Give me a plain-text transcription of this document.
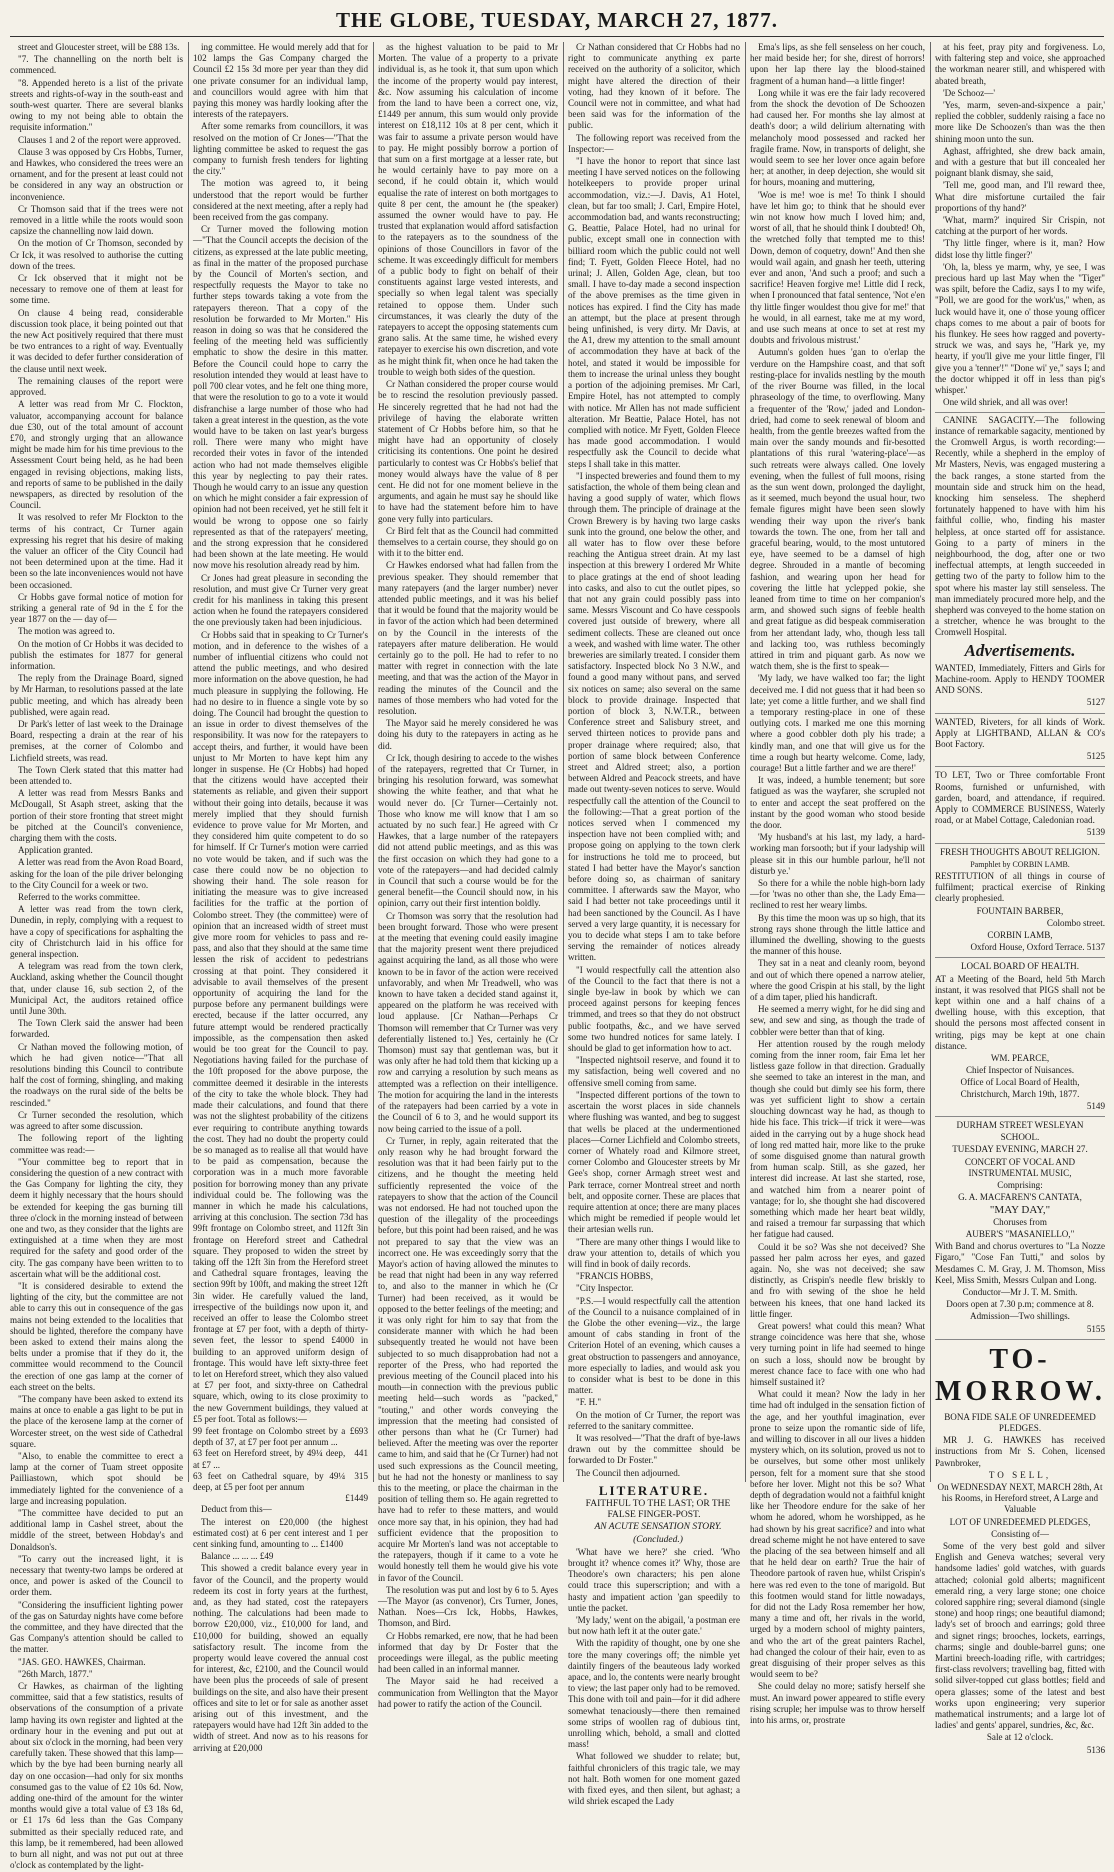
THE GLOBE, TUESDAY, MARCH 27, 1877.

street and Gloucester street, will be £88 13s.

"7. The channelling on the north belt is commenced.

"8. Appended hereto is a list of the private streets and rights-of-way in the south-east and south-west quarter. There are several blanks owing to my not being able to obtain the requisite information."

Clauses 1 and 2 of the report were approved.

Clause 3 was opposed by Crs Hobbs, Turner, and Hawkes, who considered the trees were an ornament, and for the present at least could not be considered in any way an obstruction or inconvenience.

Cr Thomson said that if the trees were not removed in a little while the roots would soon capsize the channelling now laid down.

On the motion of Cr Thomson, seconded by Cr Ick, it was resolved to authorise the cutting down of the trees.

Cr Ick observed that it might not be necessary to remove one of them at least for some time.

On clause 4 being read, considerable discussion took place, it being pointed out that the new Act positively required that there must be two entrances to a right of way. Eventually it was decided to defer further consideration of the clause until next week.

The remaining clauses of the report were approved.

A letter was read from Mr C. Flockton, valuator, accompanying account for balance due £30, out of the total amount of account £70, and strongly urging that an allowance might be made him for his time previous to the Assessment Court being held, as he had been engaged in revising objections, making lists, and reports of same to be published in the daily newspapers, as directed by resolution of the Council.

It was resolved to refer Mr Flockton to the terms of his contract, Cr Turner again expressing his regret that his desire of making the valuer an officer of the City Council had not been determined upon at the time. Had it been so the late inconveniences would not have been occasioned.

Cr Hobbs gave formal notice of motion for striking a general rate of 9d in the £ for the year 1877 on the — day of—

The motion was agreed to.

On the motion of Cr Hobbs it was decided to publish the estimates for 1877 for general information.

The reply from the Drainage Board, signed by Mr Harman, to resolutions passed at the late public meeting, and which has already been published, were again read.

Dr Park's letter of last week to the Drainage Board, respecting a drain at the rear of his premises, at the corner of Colombo and Lichfield streets, was read.

The Town Clerk stated that this matter had been attended to.

A letter was read from Messrs Banks and McDougall, St Asaph street, asking that the portion of their store fronting that street might be pitched at the Council's convenience, charging them with the costs.

Application granted.

A letter was read from the Avon Road Board, asking for the loan of the pile driver belonging to the City Council for a week or two.

Referred to the works committee.

A letter was read from the town clerk, Dunedin, in reply, complying with a request to have a copy of specifications for asphalting the city of Christchurch laid in his office for general inspection.

A telegram was read from the town clerk, Auckland, asking whether the Council thought that, under clause 16, sub section 2, of the Municipal Act, the auditors retained office until June 30th.

The Town Clerk said the answer had been forwarded.

Cr Nathan moved the following motion, of which he had given notice—"That all resolutions binding this Council to contribute half the cost of forming, shingling, and making the roadways on the rural side of the belts be rescinded."

Cr Turner seconded the resolution, which was agreed to after some discussion.

The following report of the lighting committee was read:—

"Your committee beg to report that in considering the question of a new contract with the Gas Company for lighting the city, they deem it highly necessary that the hours should be extended for keeping the gas burning till three o'clock in the morning instead of between one and two, as they consider that the lights are extinguished at a time when they are most required for the safety and good order of the city. The gas company have been written to to ascertain what will be the additional cost.

"It is considered desirable to extend the lighting of the city, but the committee are not able to carry this out in consequence of the gas mains not being extended to the localities that should be lighted, therefore the company have been asked to extend their mains along the belts under a promise that if they do it, the committee would recommend to the Council the erection of one gas lamp at the corner of each street on the belts.

"The company have been asked to extend its mains at once to enable a gas light to be put in the place of the kerosene lamp at the corner of Worcester street, on the west side of Cathedral square.

"Also, to enable the committee to erect a lamp at the corner of Tuam street opposite Pailliastown, which spot should be immediately lighted for the convenience of a large and increasing population.

"The committee have decided to put an additional lamp in Cashel street, about the middle of the street, between Hobday's and Donaldson's.

"To carry out the increased light, it is necessary that twenty-two lamps be ordered at once, and power is asked of the Council to order them.

"Considering the insufficient lighting power of the gas on Saturday nights have come before the committee, and they have directed that the Gas Company's attention should be called to the matter.

"JAS. GEO. HAWKES, Chairman.

"26th March, 1877."

Cr Hawkes, as chairman of the lighting committee, said that a few statistics, results of observations of the consumption of a private lamp having its own register and lighted at the ordinary hour in the evening and put out at about six o'clock in the morning, had been very carefully taken. These showed that this lamp—which by the bye had been burning nearly all day on one occasion—had only for six months consumed gas to the value of £2 10s 6d. Now, adding one-third of the amount for the winter months would give a total value of £3 18s 6d, or £1 17s 6d less than the Gas Company submitted as their specially reduced rate, and this lamp, be it remembered, had been allowed to burn all night, and was not put out at three o'clock as contemplated by the light-

ing committee. He would merely add that for 102 lamps the Gas Company charged the Council £2 15s 3d more per year than they did one private consumer for an individual lamp, and councillors would agree with him that paying this money was hardly looking after the interests of the ratepayers.

After some remarks from councillors, it was resolved on the motion of Cr Jones—"That the lighting committee be asked to request the gas company to furnish fresh tenders for lighting the city."

The motion was agreed to, it being understood that the report would be further considered at the next meeting, after a reply had been received from the gas company.

Cr Turner moved the following motion—"That the Council accepts the decision of the citizens, as expressed at the late public meeting, as final in the matter of the proposed purchase by the Council of Morten's section, and respectfully requests the Mayor to take no further steps towards taking a vote from the ratepayers thereon. That a copy of the resolution be forwarded to Mr Morten." His reason in doing so was that he considered the feeling of the meeting held was sufficiently emphatic to show the desire in this matter. Before the Council could hope to carry the resolution intended they would at least have to poll 700 clear votes, and he felt one thing more, that were the resolution to go to a vote it would disfranchise a large number of those who had taken a great interest in the question, as the vote would have to be taken on last year's burgess roll. There were many who might have recorded their votes in favor of the intended action who had not made themselves eligible this year by neglecting to pay their rates. Though he would carry to an issue any question on which he might consider a fair expression of opinion had not been received, yet he still felt it would be wrong to oppose one so fairly represented as that of the ratepayers' meeting, and the strong expression that he considered had been shown at the late meeting. He would now move his resolution already read by him.

Cr Jones had great pleasure in seconding the resolution, and must give Cr Turner very great credit for his manliness in taking this present action when he found the ratepayers considered the one previously taken had been injudicious.

Cr Hobbs said that in speaking to Cr Turner's motion, and in deference to the wishes of a number of influential citizens who could not attend the public meetings, and who desired more information on the above question, he had much pleasure in supplying the following. He had no desire to in fluence a single vote by so doing. The Council had brought the question to an issue in order to divest themselves of the responsibility. It was now for the ratepayers to accept theirs, and further, it would have been unjust to Mr Morten to have kept him any longer in suspense. He (Cr Hobbs) had hoped that the citizens would have accepted their statements as reliable, and given their support without their going into details, because it was merely implied that they should furnish evidence to prove value for Mr Morten, and they considered him quite competent to do so for himself. If Cr Turner's motion were carried no vote would be taken, and if such was the case there could now be no objection to showing their hand. The sole reason for initiating the measure was to give increased facilities for the traffic at the portion of Colombo street. They (the committee) were of opinion that an increased width of street must give more room for vehicles to pass and re-pass, and also that they should at the same time lessen the risk of accident to pedestrians crossing at that point. They considered it advisable to avail themselves of the present opportunity of acquiring the land for the purpose before any permanent buildings were erected, because if the latter occurred, any future attempt would be rendered practically impossible, as the compensation then asked would be too great for the Council to pay. Negotiations having failed for the purchase of the 10ft proposed for the above purpose, the committee deemed it desirable in the interests of the city to take the whole block. They had made their calculations, and found that there was not the slightest probability of the citizens ever requiring to contribute anything towards the cost. They had no doubt the property could be so managed as to realise all that would have to be paid as compensation, because the corporation was in a much more favorable position for borrowing money than any private individual could be. The following was the manner in which he made his calculations, arriving at this conclusion. The section 73d has 99ft frontage on Colombo street, and 112ft 3in frontage on Hereford street and Cathedral square. They proposed to widen the street by taking off the 12ft 3in from the Hereford street and Cathedral square frontages, leaving the section 99ft by 100ft, and making the street 12ft 3in wider. He carefully valued the land, irrespective of the buildings now upon it, and received an offer to lease the Colombo street frontage at £7 per foot, with a depth of thirty-seven feet, the lessor to spend £4000 in building to an approved uniform design of frontage. This would have left sixty-three feet to let on Hereford street, which they also valued at £7 per foot, and sixty-three on Cathedral square, which, owing to its close proximity to the new Government buildings, they valued at £5 per foot. Total as follows:—

99 feet frontage on Colombo street by a depth of 37, at £7 per foot per annum ...	£693
63 feet on Hereford street, by 49¼ deep, at £7 ...	441
63 feet on Cathedral square, by 49¼ deep, at £5 per foot per annum	315
	£1449

Deduct from this—

The interest on £20,000 (the highest estimated cost) at 6 per cent interest and 1 per cent sinking fund, amounting to ... £1400

Balance ... ... ... £49

This showed a credit balance every year in favor of the Council, and the property would redeem its cost in forty years at the furthest, and, as they had stated, cost the ratepayers nothing. The calculations had been made to borrow £20,000, viz., £10,000 for land, and £10,000 for building, showed an equally satisfactory result. The income from the property would leave covered the annual cost for interest, &c, £2100, and the Council would have been plus the proceeds of sale of present buildings on the site, and also have their present offices and site to let or for sale as another asset arising out of this investment, and the ratepayers would have had 12ft 3in added to the width of street. And now as to his reasons for arriving at £20,000

as the highest valuation to be paid to Mr Morten. The value of a property to a private individual is, as he took it, that sum upon which the income of the property would pay interest, &c. Now assuming his calculation of income from the land to have been a correct one, viz, £1449 per annum, this sum would only provide interest on £18,112 10s at 8 per cent, which it was fair to assume a private person would have to pay. He might possibly borrow a portion of that sum on a first mortgage at a lesser rate, but he would certainly have to pay more on a second, if he could obtain it, which would equalise the rate of interest on both mortgages to quite 8 per cent, the amount he (the speaker) assumed the owner would have to pay. He trusted that explanation would afford satisfaction to the ratepayers as to the soundness of the opinions of those Councillors in favor of the scheme. It was exceedingly difficult for members of a public body to fight on behalf of their constituents against large vested interests, and specially so when legal talent was specially retained to oppose them. Under such circumstances, it was clearly the duty of the ratepayers to accept the opposing statements cum grano salis. At the same time, he wished every ratepayer to exercise his own discretion, and vote as he might think fit, when once he had taken the trouble to weigh both sides of the question.

Cr Nathan considered the proper course would be to rescind the resolution previously passed. He sincerely regretted that he had not had the privilege of having the elaborate written statement of Cr Hobbs before him, so that he might have had an opportunity of closely criticising its contentions. One point he desired particularly to contest was Cr Hobbs's belief that money would always have the value of 8 per cent. He did not for one moment believe in the arguments, and again he must say he should like to have had the statement before him to have gone very fully into particulars.

Cr Bird felt that as the Council had committed themselves to a certain course, they should go on with it to the bitter end.

Cr Hawkes endorsed what had fallen from the previous speaker. They should remember that many ratepayers (and the larger number) never attended public meetings, and it was his belief that it would be found that the majority would be in favor of the action which had been determined on by the Council in the interests of the ratepayers after mature deliberation. He would certainly go to the poll. He had to refer to no matter with regret in connection with the late meeting, and that was the action of the Mayor in reading the minutes of the Council and the names of those members who had voted for the resolution.

The Mayor said he merely considered he was doing his duty to the ratepayers in acting as he did.

Cr Ick, though desiring to accede to the wishes of the ratepayers, regretted that Cr Turner, in bringing his resolution forward, was somewhat showing the white feather, and that what he would never do. [Cr Turner—Certainly not. Those who know me will know that I am so actuated by no such fear.] He agreed with Cr Hawkes, that a large number of the ratepayers did not attend public meetings, and as this was the first occasion on which they had gone to a vote of the ratepayers—and had decided calmly in Council that such a course would be for the general benefit—the Council should now, in his opinion, carry out their first intention boldly.

Cr Thomson was sorry that the resolution had been brought forward. Those who were present at the meeting that evening could easily imagine that the majority present went there prejudiced against acquiring the land, as all those who were known to be in favor of the action were received unfavorably, and when Mr Treadwell, who was known to have taken a decided stand against it, appeared on the platform he was received with loud applause. [Cr Nathan—Perhaps Cr Thomson will remember that Cr Turner was very deferentially listened to.] Yes, certainly he (Cr Thomson) must say that gentleman was, but it was only after he had told them that kicking up a row and carrying a resolution by such means as attempted was a reflection on their intelligence. The motion for acquiring the land in the interests of the ratepayers had been carried by a vote in the Council of 6 to 3, and he would support its now being carried to the issue of a poll.

Cr Turner, in reply, again reiterated that the only reason why he had brought forward the resolution was that it had been fairly put to the citizens, and he thought the meeting held sufficiently represented the voice of the ratepayers to show that the action of the Council was not endorsed. He had not touched upon the question of the illegality of the proceedings before, but this point had been raised, and he was not prepared to say that the view was an incorrect one. He was exceedingly sorry that the Mayor's action of having allowed the minutes to be read that night had been in any way referred to, and also to the manner in which he (Cr Turner) had been received, as it would be opposed to the better feelings of the meeting; and it was only right for him to say that from the considerate manner with which he had been subsequently treated he would not have been subjected to so much disapprobation had not a reporter of the Press, who had reported the previous meeting of the Council placed into his mouth—in connection with the previous public meeting held—such words as "packed," "touting," and other words conveying the impression that the meeting had consisted of other persons than what he (Cr Turner) had believed. After the meeting was over the reporter came to him, and said that he (Cr Turner) had not used such expressions as the Council meeting, but he had not the honesty or manliness to say this to the meeting, or place the chairman in the position of telling them so. He again regretted to have had to refer to these matters, and would once more say that, in his opinion, they had had sufficient evidence that the proposition to acquire Mr Morten's land was not acceptable to the ratepayers, though if it came to a vote he would honestly tell them he would give his vote in favor of the Council.

The resolution was put and lost by 6 to 5. Ayes—The Mayor (as convenor), Crs Turner, Jones, Nathan. Noes—Crs Ick, Hobbs, Hawkes, Thomson, and Bird.

Cr Hobbs remarked, ere now, that he had been informed that day by Dr Foster that the proceedings were illegal, as the public meeting had been called in an informal manner.

The Mayor said he had received a communication from Wellington that the Mayor had power to ratify the action of the Council.

Cr Nathan considered that Cr Hobbs had no right to communicate anything ex parte received on the authority of a solicitor, which might have altered the direction of their voting, had they known of it before. The Council were not in committee, and what had been said was for the information of the public.

The following report was received from the Inspector:—

"I have the honor to report that since last meeting I have served notices on the following hotelkeepers to provide proper urinal accommodation, viz.:—J. Davis, A1 Hotel, clean, but far too small; J. Carl, Empire Hotel, accommodation bad, and wants reconstructing; G. Beattie, Palace Hotel, had no urinal for public, except small one in connection with billiard room which the public could not well find; T. Fyett, Golden Fleece Hotel, had no urinal; J. Allen, Golden Age, clean, but too small. I have to-day made a second inspection of the above premises as the time given in notices has expired. I find the City has made an attempt, but the place at present through being unfinished, is very dirty. Mr Davis, at the A1, drew my attention to the small amount of accommodation they have at back of the hotel, and stated it would be impossible for them to increase the urinal unless they bought a portion of the adjoining premises. Mr Carl, Empire Hotel, has not attempted to comply with notice. Mr Allen has not made sufficient alteration. Mr Beattie, Palace Hotel, has not complied with notice. Mr Fyett, Golden Fleece has made good accommodation. I would respectfully ask the Council to decide what steps I shall take in this matter.

"I inspected breweries and found them to my satisfaction, the whole of them being clean and having a good supply of water, which flows through them. The principle of drainage at the Crown Brewery is by having two large casks sunk into the ground, one below the other, and all water has to flow over these before reaching the Antigua street drain. At my last inspection at this brewery I ordered Mr White to place gratings at the end of shoot leading into casks, and also to cut the outlet pipes, so that not any grain could possibly pass into same. Messrs Viscount and Co have cesspools covered just outside of brewery, where all sediment collects. These are cleaned out once a week, and washed with lime water. The other breweries are similarly treated. I consider them satisfactory. Inspected block No 3 N.W., and found a good many without pans, and served six notices on same; also several on the same block to provide drainage. Inspected that portion of block 3, N.W.T.R., between Conference street and Salisbury street, and served thirteen notices to provide pans and proper drainage where required; also, that portion of same block between Conference street and Aldred street; also, a portion between Aldred and Peacock streets, and have made out twenty-seven notices to serve. Would respectfully call the attention of the Council to the following:—That a great portion of the notices served when I commenced my inspection have not been complied with; and propose going on applying to the town clerk for instructions he told me to proceed, but stated I had better have the Mayor's sanction before doing so, as chairman of sanitary committee. I afterwards saw the Mayor, who said I had better not take proceedings until it had been sanctioned by the Council. As I have served a very large quantity, it is necessary for you to decide what steps I am to take before serving the remainder of notices already written.

"I would respectfully call the attention also of the Council to the fact that there is not a single bye-law in book by which we can proceed against persons for keeping fences trimmed, and trees so that they do not obstruct public footpaths, &c., and we have served some two hundred notices for same lately. I should be glad to get information how to act.

"Inspected nightsoil reserve, and found it to my satisfaction, being well covered and no offensive smell coming from same.

"Inspected different portions of the town to ascertain the worst places in side channels where flushing was wanted, and beg to suggest that wells be placed at the undermentioned places—Corner Lichfield and Colombo streets, corner of Whately road and Kilmore street, corner Colombo and Gloucester streets by Mr Gee's shop, corner Armagh street west and Park terrace, corner Montreal street and north belt, and opposite corner. These are places that require attention at once; there are many places which might be remedied if people would let their artesian wells run.

"There are many other things I would like to draw your attention to, details of which you will find in book of daily records.

"FRANCIS HOBBS,

"City Inspector.

"P.S.—I would respectfully call the attention of the Council to a nuisance complained of in the Globe the other evening—viz., the large amount of cabs standing in front of the Criterion Hotel of an evening, which causes a great obstruction to passengers and annoyance, more especially to ladies, and would ask you to consider what is best to be done in this matter.

"F. H."

On the motion of Cr Turner, the report was referred to the sanitary committee.

It was resolved—"That the draft of bye-laws drawn out by the committee should be forwarded to Dr Foster."

The Council then adjourned.

LITERATURE.

FAITHFUL TO THE LAST; OR THE FALSE FINGER-POST.

AN ACUTE SENSATION STORY.

(Concluded.)

'What have we here?' she cried. 'Who brought it? whence comes it?' Why, those are Theodore's own characters; his pen alone could trace this superscription; and with a hasty and impatient action 'gan speedily to untie the packet.

'My lady,' went on the abigail, 'a postman ere but now hath left it at the outer gate.'

With the rapidity of thought, one by one she tore the many coverings off; the nimble yet daintily fingers of the beauteous lady worked apace, and lo, the contents were nearly brought to view; the last paper only had to be removed. This done with toil and pain—for it did adhere somewhat tenaciously—there then remained some strips of woollen rag of dubious tint, unrolling which, behold, a small and clotted mass!

What followed we shudder to relate; but, faithful chroniclers of this tragic tale, we may not halt. Both women for one moment gazed with fixed eyes, and then silent, but aghast; a wild shriek escaped the Lady

Ema's lips, as she fell senseless on her couch, her maid beside her; for she, direst of horrors! upon her lap there lay the blood-stained fragment of a human hand—a little finger!

Long while it was ere the fair lady recovered from the shock the devotion of De Schoozen had caused her. For months she lay almost at death's door; a wild delirium alternating with melancholy mood possessed and racked her fragile frame. Now, in transports of delight, she would seem to see her lover once again before her; at another, in deep dejection, she would sit for hours, moaning and muttering,

'Woe is me! woe is me! To think I should have let him go; to think that he should ever win not know how much I loved him; and, worst of all, that he should think I doubted! Oh, the wretched folly that tempted me to this! Down, demon of coquetry, down!' And then she would wail again, and gnash her teeth, uttering ever and anon, 'And such a proof; and such a sacrifice! Heaven forgive me! Little did I reck, when I pronounced that fatal sentence, 'Not e'en thy little finger wouldest thou give for me!' that he would, in all earnest, take me at my word, and use such means at once to set at rest my doubts and frivolous mistrust.'

Autumn's golden hues 'gan to o'erlap the verdure on the Hampshire coast, and that soft resting-place for invalids nestling by the mouth of the river Bourne was filled, in the local phraseology of the time, to overflowing. Many a frequenter of the 'Row,' jaded and London-dried, had come to seek renewal of bloom and health, from the gentle breezes wafted from the main over the sandy mounds and fir-besotted plantations of this rural 'watering-place'—as such retreats were always called. One lovely evening, when the fullest of full moons, rising as the sun went down, prolonged the daylight, as it seemed, much beyond the usual hour, two female figures might have been seen slowly wending their way upon the river's bank towards the town. The one, from her tall and graceful bearing, would, to the most untutored eye, have seemed to be a damsel of high degree. Shrouded in a mantle of becoming fashion, and wearing upon her head for covering the little hat yclepped pokie, she leaned from time to time on her companion's arm, and showed such signs of feeble health and great fatigue as did bespeak commiseration from her attendant lady, who, though less tall and lacking too, was ruthless becomingly attired in trim and piquant garb. As now we watch them, she is the first to speak—

'My lady, we have walked too far; the light deceived me. I did not guess that it had been so late; yet come a little further, and we shall find a temporary resting-place in one of these outlying cots. I marked me one this morning where a good cobbler doth ply his trade; a kindly man, and one that will give us for the time a rough but hearty welcome. Come, lady, courage! But a little farther and we are there!'

It was, indeed, a humble tenement; but sore fatigued as was the wayfarer, she scrupled not to enter and accept the seat proffered on the instant by the good woman who stood beside the door.

'My husband's at his last, my lady, a hard-working man forsooth; but if your ladyship will please sit in this our humble parlour, he'll not disturb ye.'

So there for a while the noble high-born lady—for 'twas no other than she, the Lady Ema—reclined to rest her weary limbs.

By this time the moon was up so high, that its strong rays shone through the little lattice and illumined the dwelling, showing to the guests the manner of this house.

They sat in a neat and cleanly room, beyond and out of which there opened a narrow atelier, where the good Crispin at his stall, by the light of a dim taper, plied his handicraft.

He seemed a merry wight, for he did sing and sew, and sew and sing, as though the trade of cobbler were better than that of king.

Her attention roused by the rough melody coming from the inner room, fair Ema let her listless gaze follow in that direction. Gradually she seemed to take an interest in the man, and though she could but dimly see his form, there was yet sufficient light to show a certain slouching downcast way he had, as though to hide his face. This trick—if trick it were—was aided in the carrying out by a huge shock head of long red matted hair, more like to the pruke of some disguised gnome than natural growth from human scalp. Still, as she gazed, her interest did increase. At last she started, rose, and watched him from a nearer point of vantage; for lo, she thought she had discovered something which made her heart beat wildly, and raised a tremour far surpassing that which her fatigue had caused.

Could it be so? Was she not deceived? She passed her palm across her eyes, and gazed again. No, she was not deceived; she saw distinctly, as Crispin's needle flew briskly to and fro with sewing of the shoe he held between his knees, that one hand lacked its little finger.

Great powers! what could this mean? What strange coincidence was here that she, whose very turning point in life had seemed to hinge on such a loss, should now be brought by merest chance face to face with one who had himself sustained it?

What could it mean? Now the lady in her time had oft indulged in the sensation fiction of the age, and her youthful imagination, ever prone to seize upon the romantic side of life, and willing to discover in all our lives a hidden mystery which, on its solution, proved us not to be ourselves, but some other most unlikely person, felt for a moment sure that she stood before her lover. Might not this be so? What depth of degradation would not a faithful knight like her Theodore endure for the sake of her whom he adored, whom he worshipped, as he had shown by his great sacrifice? and into what dread scheme might he not have entered to save the placing of the sea between himself and all that he held dear on earth? True the hair of Theodore partook of raven hue, whilst Crispin's here was red even to the tone of marigold. But this footmen would stand for little nowadays, for did not the Lady Rosa remember her how, many a time and oft, her rivals in the world, urged by a modern school of mighty painters, and who the art of the great painters Rachel, had changed the colour of their hair, even to as great disguising of their proper selves as this would seem to be?

She could delay no more; satisfy herself she must. An inward power appeared to stifle every rising scruple; her impulse was to throw herself into his arms, or, prostrate

at his feet, pray pity and forgiveness. Lo, with faltering step and voice, she approached the workman nearer still, and whispered with abated breath,

'De Schooz—'

'Yes, marm, seven-and-sixpence a pair,' replied the cobbler, suddenly raising a face no more like De Schoozen's than was the then shining moon unto the sun.

Aghast, affrighted, she drew back amain, and with a gesture that but ill concealed her poignant blank dismay, she said,

'Tell me, good man, and I'll reward thee, What dire misfortune curtailed the fair proportions of thy hand?'

'What, marm?' inquired Sir Crispin, not catching at the purport of her words.

'Thy little finger, where is it, man? How didst lose thy little finger?'

'Oh, la, bless ye marm, why, ye see, I was precious hard up last May when the "Tiger" was spilt, before the Cadiz, says I to my wife, "Poll, we are good for the work'us," when, as luck would have it, one o' those young officer chaps comes to me about a pair of boots for his flunkey. He sees how ragged and poverty-struck we was, and says he, "Hark ye, my hearty, if you'll give me your little finger, I'll give you a 'tenner'!" "Done wi' ye," says I; and the doctor whipped it off in less than pig's whisper.'

One wild shriek, and all was over!

CANINE SAGACITY.—The following instance of remarkable sagacity, mentioned by the Cromwell Argus, is worth recording:—Recently, while a shepherd in the employ of Mr Masters, Nevis, was engaged mustering a the back ranges, a stone started from the mountain side and struck him on the head, knocking him senseless. The shepherd fortunately happened to have with him his faithful collie, who, finding his master helpless, at once started off for assistance. Going to a party of miners in the neighbourhood, the dog, after one or two ineffectual attempts, at length succeeded in getting two of the party to follow him to the spot where his master lay still senseless. The man immediately procured more help, and the shepherd was conveyed to the home station on a stretcher, whence he was brought to the Cromwell Hospital.

Advertisements.

WANTED, Immediately, Fitters and Girls for Machine-room. Apply to HENDY TOOMER AND SONS.

5127

WANTED, Riveters, for all kinds of Work. Apply at LIGHTBAND, ALLAN & CO's Boot Factory.

5125

TO LET, Two or Three comfortable Front Rooms, furnished or unfurnished, with garden, board, and attendance, if required. Apply to COMMERCE BUSINESS, Waterly road, or at Mabel Cottage, Caledonian road.

5139

FRESH THOUGHTS ABOUT RELIGION.

Pamphlet by CORBIN LAMB.

RESTITUTION of all things in course of fulfilment; practical exercise of Rinking clearly prophesied.

FOUNTAIN BARBER,

Colombo street.

CORBIN LAMB,

Oxford House, Oxford Terrace. 5137

LOCAL BOARD OF HEALTH.

AT a Meeting of the Board, held 5th March instant, it was resolved that PIGS shall not be kept within one and a half chains of a dwelling house, with this exception, that should the persons most affected consent in writing, pigs may be kept at one chain distance.

WM. PEARCE,

Chief Inspector of Nuisances.

Office of Local Board of Health, Christchurch, March 19th, 1877.

5149

DURHAM STREET WESLEYAN

SCHOOL.

TUESDAY EVENING, MARCH 27.

CONCERT OF VOCAL AND INSTRUMENTAL MUSIC,

Comprising:

G. A. MACFAREN'S CANTATA,

"MAY DAY,"

Choruses from

AUBER'S "MASANIELLO,"

With Band and chorus overtures to "La Nozze Figaro," "Cose Fan Tutti," and solos by Mesdames C. M. Gray, J. M. Thomson, Miss Keel, Miss Smith, Messrs Culpan and Long.

Conductor—Mr J. T. M. Smith.

Doors open at 7.30 p.m; commence at 8.

Admission—Two shillings.

5155

TO-MORROW.

BONA FIDE SALE OF UNREDEEMED PLEDGES.

MR J. G. HAWKES has received instructions from Mr S. Cohen, licensed Pawnbroker,

TO SELL,

On WEDNESDAY NEXT, MARCH 28th, At his Rooms, in Hereford street, A Large and Valuable

LOT OF UNREDEEMED PLEDGES,

Consisting of—

Some of the very best gold and silver English and Geneva watches; several very handsome ladies' gold watches, with guards attached; colonial gold alberts; magnificent emerald ring, a very large stone; one choice colored sapphire ring; several diamond (single stone) and hoop rings; one beautiful diamond; lady's set of brooch and earrings; gold three and signet rings; brooches, lockets, earrings, charms; single and double-barrel guns; one Martini breech-loading rifle, with cartridges; first-class revolvers; travelling bag, fitted with solid silver-topped cut glass bottles; field and opera glasses; some of the latest and best works upon engineering; very superior mathematical instruments; and a large lot of ladies' and gents' apparel, sundries, &c, &c.

Sale at 12 o'clock.

5136
